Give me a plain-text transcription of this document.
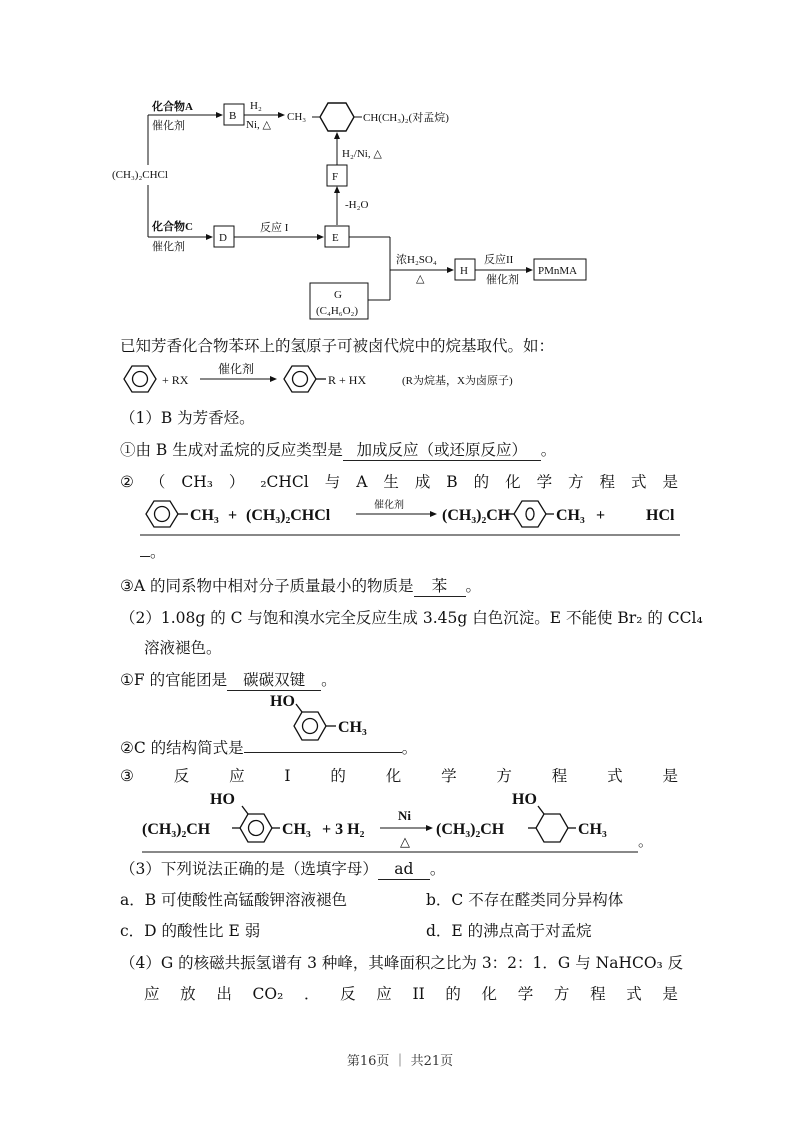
(CH₃)₂CHCl
化合物A
催化剂
B
H₂
Ni, △
CH₃	CH(CH₃)₂(对孟烷)
H₂/Ni, △
F
-H₂O
化合物C
催化剂
D
反应 I
E
浓H₂SO₄
△
H
反应II
催化剂
PMnMA
G
(C₄H₆O₂)
已知芳香化合物苯环上的氢原子可被卤代烷中的烷基取代。如：
+ RX
催化剂
R + HX	(R为烷基，X为卤原子)
（1）B 为芳香烃。
①由 B 生成对孟烷的反应类型是 加成反应（或还原反应） 。
② （ CH₃ ） ₂CHCl 与 A 生 成 B 的 化 学 方 程 式 是
CH₃ + (CH₃)₂CHCl	(CH₃)₂CH	CH₃ +	HCl
催化剂
。
③A 的同系物中相对分子质量最小的物质是 苯 。
（2）1.08g 的 C 与饱和溴水完全反应生成 3.45g 白色沉淀。E 不能使 Br₂ 的 CCl₄
溶液褪色。
①F 的官能团是 碳碳双键 。
②C 的结构简式是	。
HO
CH₃
③	反	应	I	的	化	学	方	程	式	是
HO
(CH₃)₂CH	CH₃ + 3 H₂
HO
(CH₃)₂CH	CH₃
Ni
△	。
（3）下列说法正确的是（选填字母） ad 。
a．B 可使酸性高锰酸钾溶液褪色	b．C 不存在醛类同分异构体
c．D 的酸性比 E 弱	d．E 的沸点高于对孟烷
（4）G 的核磁共振氢谱有 3 种峰，其峰面积之比为 3：2：1．G 与 NaHCO₃ 反
应 放 出 CO₂ ． 反 应 II 的 化 学 方 程 式 是
第16页 ｜ 共21页
